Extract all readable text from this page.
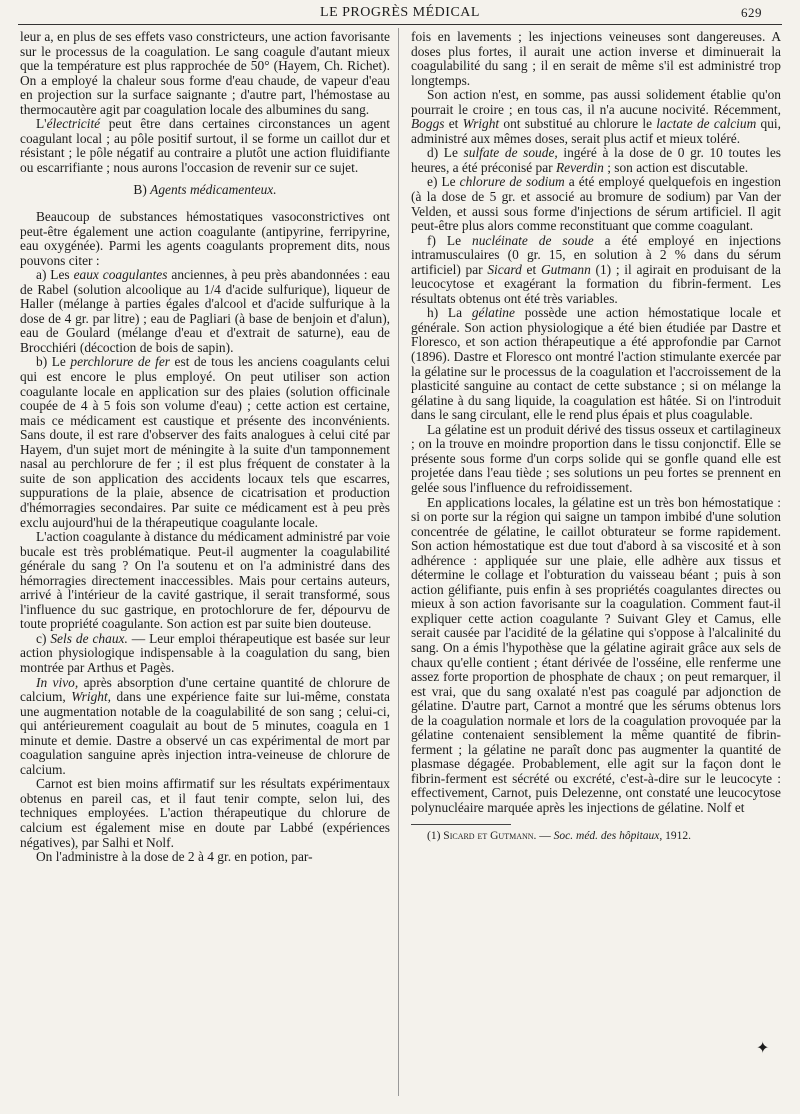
LE PROGRÈS MÉDICAL	629

leur a, en plus de ses effets vaso constricteurs, une action favorisante sur le processus de la coagulation. Le sang coagule d'autant mieux que la température est plus rapprochée de 50° (Hayem, Ch. Richet). On a employé la chaleur sous forme d'eau chaude, de vapeur d'eau en projection sur la surface saignante ; d'autre part, l'hémostase au thermocautère agit par coagulation locale des albumines du sang.

L'électricité peut être dans certaines circonstances un agent coagulant local ; au pôle positif surtout, il se forme un caillot dur et résistant ; le pôle négatif au contraire a plutôt une action fluidifiante ou escarrifiante ; nous aurons l'occasion de revenir sur ce sujet.

B) Agents médicamenteux.

Beaucoup de substances hémostatiques vasoconstrictives ont peut-être également une action coagulante (antipyrine, ferripyrine, eau oxygénée). Parmi les agents coagulants proprement dits, nous pouvons citer :

a) Les eaux coagulantes anciennes, à peu près abandonnées : eau de Rabel (solution alcoolique au 1/4 d'acide sulfurique), liqueur de Haller (mélange à parties égales d'alcool et d'acide sulfurique à la dose de 4 gr. par litre) ; eau de Pagliari (à base de benjoin et d'alun), eau de Goulard (mélange d'eau et d'extrait de saturne), eau de Brocchiéri (décoction de bois de sapin).

b) Le perchlorure de fer est de tous les anciens coagulants celui qui est encore le plus employé. On peut utiliser son action coagulante locale en application sur des plaies (solution officinale coupée de 4 à 5 fois son volume d'eau) ; cette action est certaine, mais ce médicament est caustique et présente des inconvénients. Sans doute, il est rare d'observer des faits analogues à celui cité par Hayem, d'un sujet mort de méningite à la suite d'un tamponnement nasal au perchlorure de fer ; il est plus fréquent de constater à la suite de son application des accidents locaux tels que escarres, suppurations de la plaie, absence de cicatrisation et production d'hémorragies secondaires. Par suite ce médicament est à peu près exclu aujourd'hui de la thérapeutique coagulante locale.

L'action coagulante à distance du médicament administré par voie bucale est très problématique. Peut-il augmenter la coagulabilité générale du sang ? On l'a soutenu et on l'a administré dans des hémorragies directement inaccessibles. Mais pour certains auteurs, arrivé à l'intérieur de la cavité gastrique, il serait transformé, sous l'influence du suc gastrique, en protochlorure de fer, dépourvu de toute propriété coagulante. Son action est par suite bien douteuse.

c) Sels de chaux. — Leur emploi thérapeutique est basée sur leur action physiologique indispensable à la coagulation du sang, bien montrée par Arthus et Pagès.

In vivo, après absorption d'une certaine quantité de chlorure de calcium, Wright, dans une expérience faite sur lui-même, constata une augmentation notable de la coagulabilité de son sang ; celui-ci, qui antérieurement coagulait au bout de 5 minutes, coagula en 1 minute et demie. Dastre a observé un cas expérimental de mort par coagulation sanguine après injection intra-veineuse de chlorure de calcium.

Carnot est bien moins affirmatif sur les résultats expérimentaux obtenus en pareil cas, et il faut tenir compte, selon lui, des techniques employées. L'action thérapeutique du chlorure de calcium est également mise en doute par Labbé (expériences négatives), par Salhi et Nolf.

On l'administre à la dose de 2 à 4 gr. en potion, par-

fois en lavements ; les injections veineuses sont dangereuses. A doses plus fortes, il aurait une action inverse et diminuerait la coagulabilité du sang ; il en serait de même s'il est administré trop longtemps.

Son action n'est, en somme, pas aussi solidement établie qu'on pourrait le croire ; en tous cas, il n'a aucune nocivité. Récemment, Boggs et Wright ont substitué au chlorure le lactate de calcium qui, administré aux mêmes doses, serait plus actif et mieux toléré.

d) Le sulfate de soude, ingéré à la dose de 0 gr. 10 toutes les heures, a été préconisé par Reverdin ; son action est discutable.

e) Le chlorure de sodium a été employé quelquefois en ingestion (à la dose de 5 gr. et associé au bromure de sodium) par Van der Velden, et aussi sous forme d'injections de sérum artificiel. Il agit peut-être plus alors comme reconstituant que comme coagulant.

f) Le nucléinate de soude a été employé en injections intramusculaires (0 gr. 15, en solution à 2 % dans du sérum artificiel) par Sicard et Gutmann (1) ; il agirait en produisant de la leucocytose et exagérant la formation du fibrin-ferment. Les résultats obtenus ont été très variables.

h) La gélatine possède une action hémostatique locale et générale. Son action physiologique a été bien étudiée par Dastre et Floresco, et son action thérapeutique a été approfondie par Carnot (1896). Dastre et Floresco ont montré l'action stimulante exercée par la gélatine sur le processus de la coagulation et l'accroissement de la plasticité sanguine au contact de cette substance ; si on mélange la gélatine à du sang liquide, la coagulation est hâtée. Si on l'introduit dans le sang circulant, elle le rend plus épais et plus coagulable.

La gélatine est un produit dérivé des tissus osseux et cartilagineux ; on la trouve en moindre proportion dans le tissu conjonctif. Elle se présente sous forme d'un corps solide qui se gonfle quand elle est projetée dans l'eau tiède ; ses solutions un peu fortes se prennent en gelée sous l'influence du refroidissement.

En applications locales, la gélatine est un très bon hémostatique : si on porte sur la région qui saigne un tampon imbibé d'une solution concentrée de gélatine, le caillot obturateur se forme rapidement. Son action hémostatique est due tout d'abord à sa viscosité et à son adhérence : appliquée sur une plaie, elle adhère aux tissus et détermine le collage et l'obturation du vaisseau béant ; puis à son action gélifiante, puis enfin à ses propriétés coagulantes directes ou mieux à son action favorisante sur la coagulation. Comment faut-il expliquer cette action coagulante ? Suivant Gley et Camus, elle serait causée par l'acidité de la gélatine qui s'oppose à l'alcalinité du sang. On a émis l'hypothèse que la gélatine agirait grâce aux sels de chaux qu'elle contient ; étant dérivée de l'osséine, elle renferme une assez forte proportion de phosphate de chaux ; on peut remarquer, il est vrai, que du sang oxalaté n'est pas coagulé par adjonction de gélatine. D'autre part, Carnot a montré que les sérums obtenus lors de la coagulation normale et lors de la coagulation provoquée par la gélatine contenaient sensiblement la même quantité de fibrin-ferment ; la gélatine ne paraît donc pas augmenter la quantité de plasmase dégagée. Probablement, elle agit sur la façon dont le fibrin-ferment est sécrété ou excrété, c'est-à-dire sur le leucocyte : effectivement, Carnot, puis Delezenne, ont constaté une leucocytose polynucléaire marquée après les injections de gélatine. Nolf et

(1) Sicard et Gutmann. — Soc. méd. des hôpitaux, 1912.

✦
